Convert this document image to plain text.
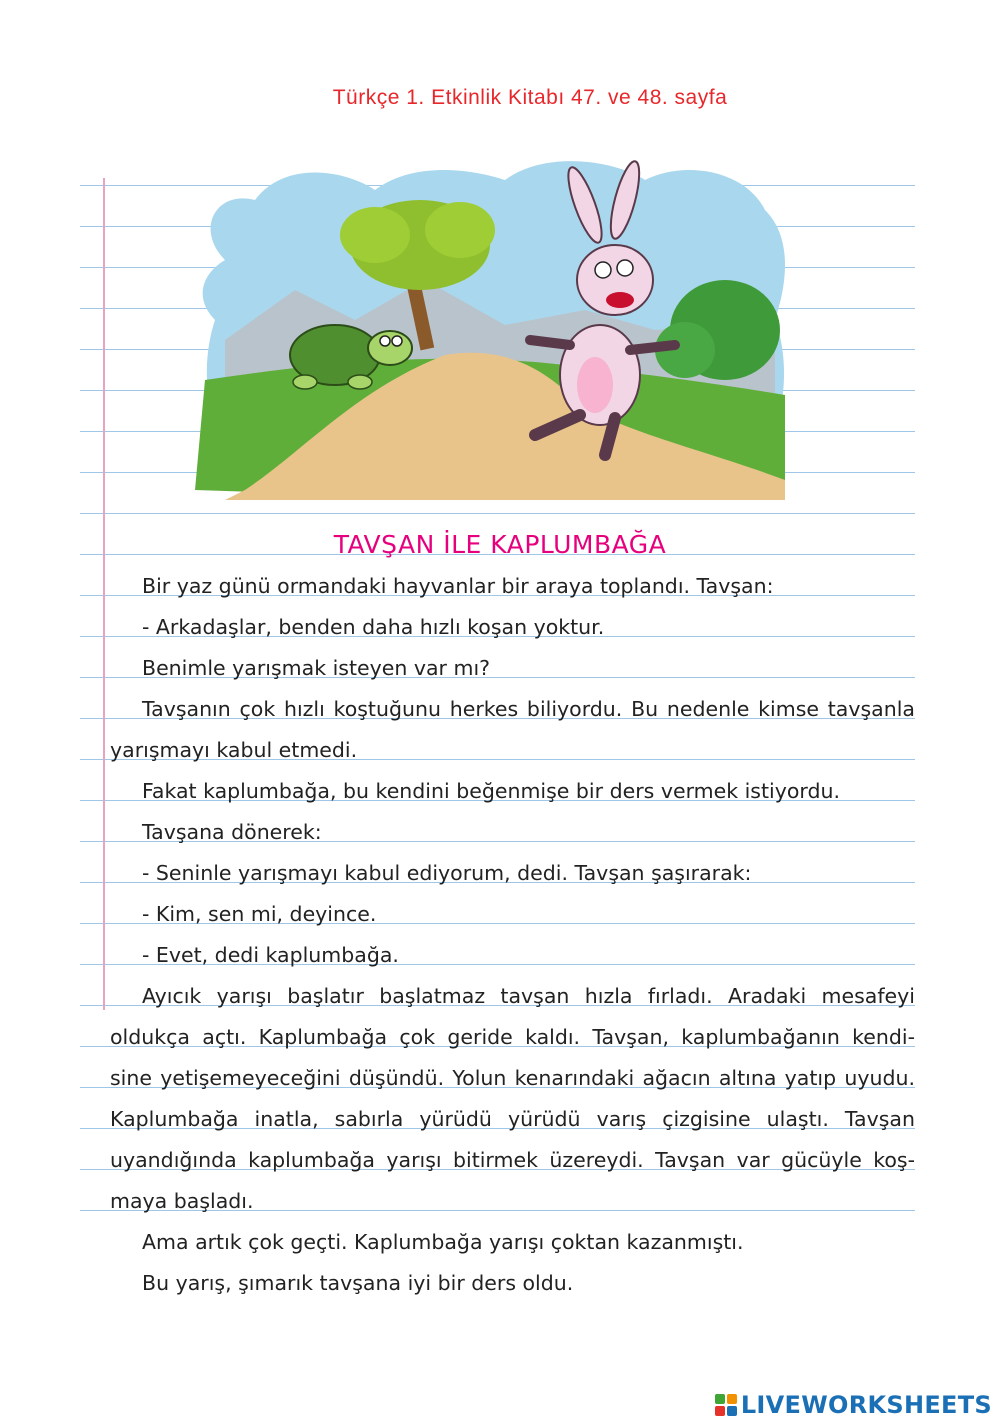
Türkçe 1. Etkinlik Kitabı 47. ve 48. sayfa
TAVŞAN İLE KAPLUMBAĞA
Bir yaz günü ormandaki hayvanlar bir araya toplandı. Tavşan:
- Arkadaşlar, benden daha hızlı koşan yoktur.
Benimle yarışmak isteyen var mı?
Tavşanın çok hızlı koştuğunu herkes biliyordu. Bu nedenle kimse tavşanla
yarışmayı kabul etmedi.
Fakat kaplumbağa, bu kendini beğenmişe bir ders vermek istiyordu.
Tavşana dönerek:
- Seninle yarışmayı kabul ediyorum, dedi. Tavşan şaşırarak:
- Kim, sen mi, deyince.
- Evet, dedi kaplumbağa.
Ayıcık yarışı başlatır başlatmaz tavşan hızla fırladı. Aradaki mesafeyi
oldukça açtı. Kaplumbağa çok geride kaldı. Tavşan, kaplumbağanın kendi-
sine yetişemeyeceğini düşündü. Yolun kenarındaki ağacın altına yatıp uyudu.
Kaplumbağa inatla, sabırla yürüdü yürüdü varış çizgisine ulaştı. Tavşan
uyandığında kaplumbağa yarışı bitirmek üzereydi. Tavşan var gücüyle koş-
maya başladı.
Ama artık çok geçti. Kaplumbağa yarışı çoktan kazanmıştı.
Bu yarış, şımarık tavşana iyi bir ders oldu.
LIVEWORKSHEETS
